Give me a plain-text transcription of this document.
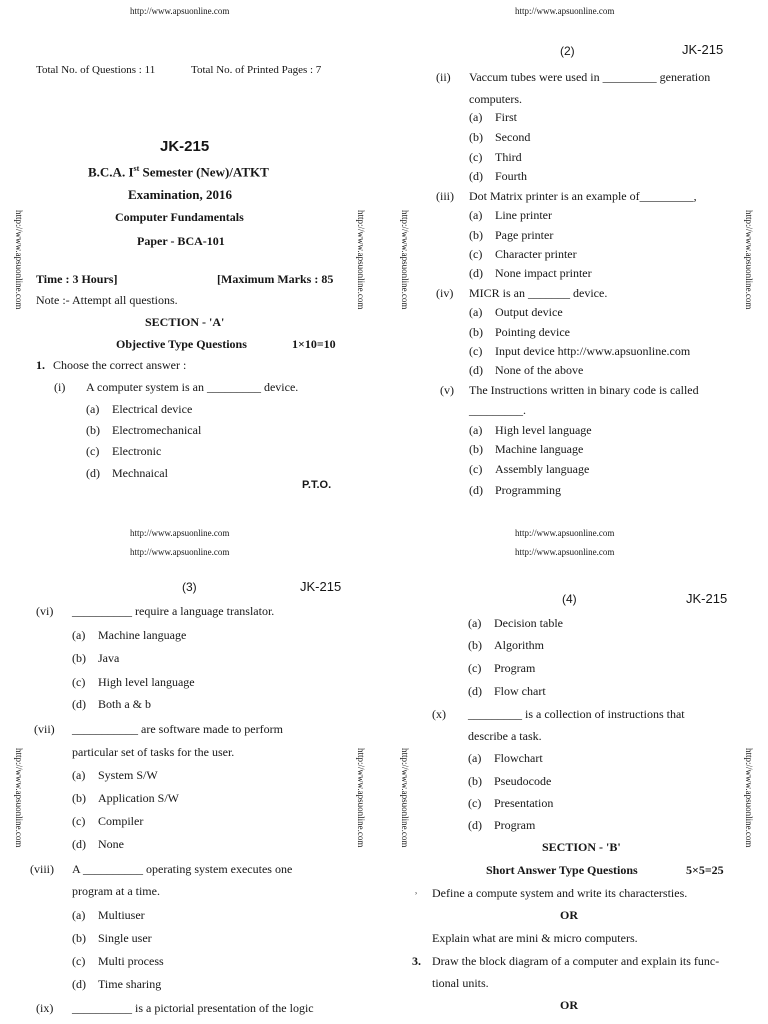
http://www.apsuonline.com	http://www.apsuonline.com
Total No. of Questions : 11	Total No. of Printed Pages : 7
JK-215
B.C.A. Ist Semester (New)/ATKT
Examination, 2016
Computer Fundamentals
Paper - BCA-101
Time : 3 Hours]	[Maximum Marks : 85
Note :- Attempt all questions.
SECTION - 'A'
Objective Type Questions	1×10=10
1. Choose the correct answer :
(i) A computer system is an _________ device.
(a) Electrical device
(b) Electromechanical
(c) Electronic
(d) Mechnaical
P.T.O.
(2)	JK-215
(ii) Vaccum tubes were used in _________ generation
computers.
(a) First
(b) Second
(c) Third
(d) Fourth
(iii) Dot Matrix printer is an example of_________,
(a) Line printer
(b) Page printer
(c) Character printer
(d) None impact printer
(iv) MICR is an _______ device.
(a) Output device
(b) Pointing device
(c) Input device http://www.apsuonline.com
(d) None of the above
(v) The Instructions written in binary code is called
_________.
(a) High level language
(b) Machine language
(c) Assembly language
(d) Programming
http://www.apsuonline.com
http://www.apsuonline.com
http://www.apsuonline.com
http://www.apsuonline.com
(3)	JK-215
(vi) __________ require a language translator.
(a) Machine language
(b) Java
(c) High level language
(d) Both a & b
(vii) ___________ are software made to perform
particular set of tasks for the user.
(a) System S/W
(b) Application S/W
(c) Compiler
(d) None
(viii) A __________ operating system executes one
program at a time.
(a) Multiuser
(b) Single user
(c) Multi process
(d) Time sharing
(ix) __________ is a pictorial presentation of the logic
(4)	JK-215
(a) Decision table
(b) Algorithm
(c) Program
(d) Flow chart
(x) _________ is a collection of instructions that
describe a task.
(a) Flowchart
(b) Pseudocode
(c) Presentation
(d) Program
SECTION - 'B'
Short Answer Type Questions	5×5=25
˒ Define a compute system and write its charactersties.
OR
Explain what are mini & micro computers.
3. Draw the block diagram of a computer and explain its func-
tional units.
OR
http://www.apsuonline.com	http://www.apsuonline.com	http://www.apsuonline.com	http://www.apsuonline.com
http://www.apsuonline.com	http://www.apsuonline.com	http://www.apsuonline.com	http://www.apsuonline.com
